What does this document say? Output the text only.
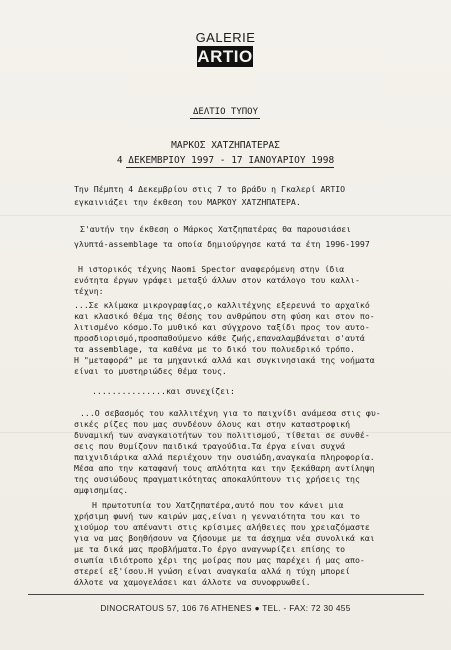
GALERIE
ARTIO
ΔΕΛΤΙΟ ΤΥΠΟΥ
ΜΑΡΚΟΣ ΧΑΤΖΗΠΑΤΕΡΑΣ
4 ΔΕΚΕΜΒΡΙΟΥ 1997 - 17 ΙΑΝΟΥΑΡΙΟΥ 1998
Την Πέμπτη 4 Δεκεμβρίου στις 7 το βράδυ η Γκαλερί ARTIO
εγκαινιάζει την έκθεση του ΜΑΡΚΟΥ ΧΑΤΖΗΠΑΤΕΡΑ.
Σ'αυτήν την έκθεση ο Μάρκος Χατζηπατέρας θα παρουσιάσει
γλυπτά-assemblage τα οποία δημιούργησε κατά τα έτη 1996-1997
Η ιστορικός τέχνης Naomi Spector αναφερόμενη στην ίδια
ενότητα έργων γράφει μεταξύ άλλων στον κατάλογο του καλλι-
τέχνη:
...Σε κλίμακα μικρογραφίας,ο καλλιτέχνης εξερευνά το αρχαϊκό
και κλασικό θέμα της θέσης του ανθρώπου στη φύση και στον πο-
λιτισμένο κόσμο.Το μυθικό και σύγχρονο ταξίδι προς τον αυτο-
προσδιορισμό,προσπαθούμενο κάθε ζωής,επαναλαμβάνεται σ'αυτά
τα assemblage, τα καθένα με το δικό του πολυεδρικό τρόπο.
Η "μεταφορά" με τα μηχανικά αλλά και συγκινησιακά της νοήματα
είναι το μυστηριώδες θέμα τους.
...............και συνεχίζει:
...Ο σεβασμός του καλλιτέχνη για το παιχνίδι ανάμεσα στις φυ-
σικές ρίζες που μας συνδέουν όλους και στην καταστροφική
δυναμική των αναγκαιοτήτων του πολιτισμού, τίθεται σε συνθέ-
σεις που θυμίζουν παιδικά τραγούδια.Τα έργα είναι συχνά
παιχνιδιάρικα αλλά περιέχουν την ουσιώδη,αναγκαία πληροφορία.
Μέσα απο την καταφανή τους απλότητα και την ξεκάθαρη αντίληψη
της ουσιώδους πραγματικότητας αποκαλύπτουν τις χρήσεις της
αμφισημίας.
Η πρωτοτυπία του Χατζηπατέρα,αυτό που τον κάνει μια
χρήσιμη φωνή των καιρών μας,είναι η γενναιότητα του και το
χιούμορ του απέναντι στις κρίσιμες αλήθειες που χρειαζόμαστε
για να μας βοηθήσουν να ζήσουμε με τα άσχημα νέα συνολικά και
με τα δικά μας προβλήματα.Το έργο αναγνωρίζει επίσης το
σιωπία ιδιότροπο χέρι της μοίρας που μας παρέχει ή μας απο-
στερεί εξ'ίσου.Η γνώση είναι αναγκαία αλλά η τύχη μπορεί
άλλοτε να χαμογελάσει και άλλοτε να συνοφρυωθεί.
DINOCRATOUS 57, 106 76 ATHENES ● TEL. - FAX: 72 30 455
